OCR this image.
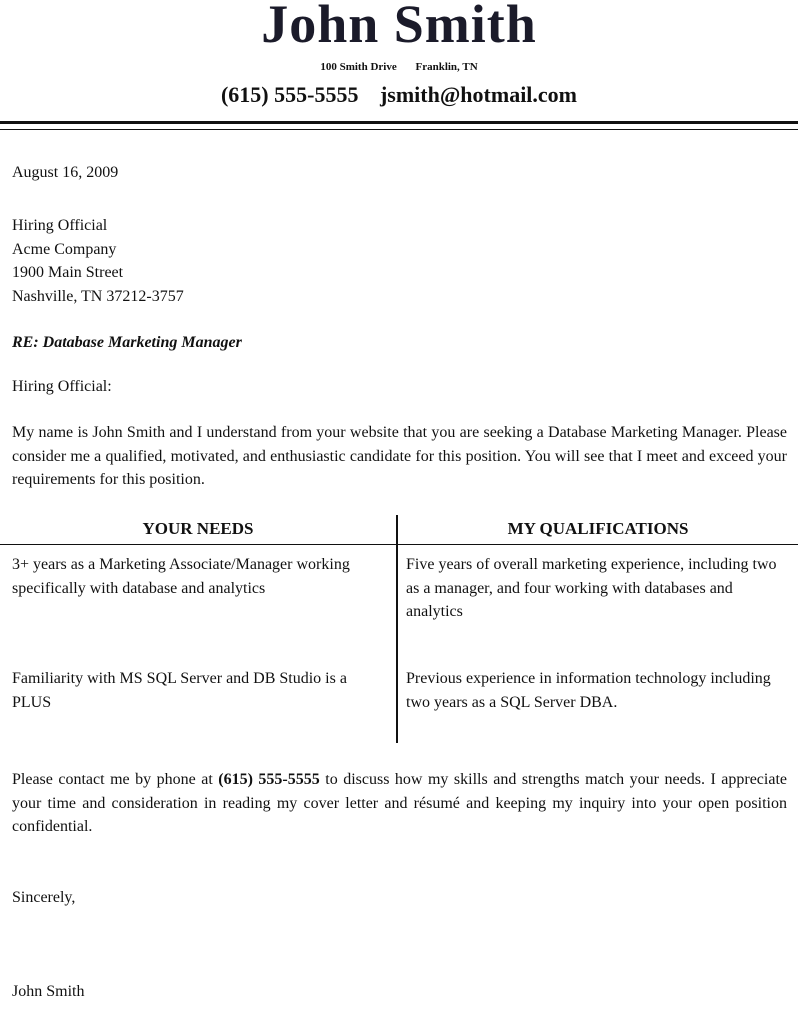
John Smith
100 Smith Drive Franklin, TN
(615) 555-5555 jsmith@hotmail.com
August 16, 2009
Hiring Official
Acme Company
1900 Main Street
Nashville, TN 37212-3757
RE: Database Marketing Manager
Hiring Official:
My name is John Smith and I understand from your website that you are seeking a Database Marketing Manager. Please consider me a qualified, motivated, and enthusiastic candidate for this position. You will see that I meet and exceed your requirements for this position.
YOUR NEEDS	MY QUALIFICATIONS
3+ years as a Marketing Associate/Manager working specifically with database and analytics
Five years of overall marketing experience, including two as a manager, and four working with databases and analytics
Familiarity with MS SQL Server and DB Studio is a PLUS
Previous experience in information technology including two years as a SQL Server DBA.
Please contact me by phone at (615) 555-5555 to discuss how my skills and strengths match your needs. I appreciate your time and consideration in reading my cover letter and résumé and keeping my inquiry into your open position confidential.
Sincerely,
John Smith
